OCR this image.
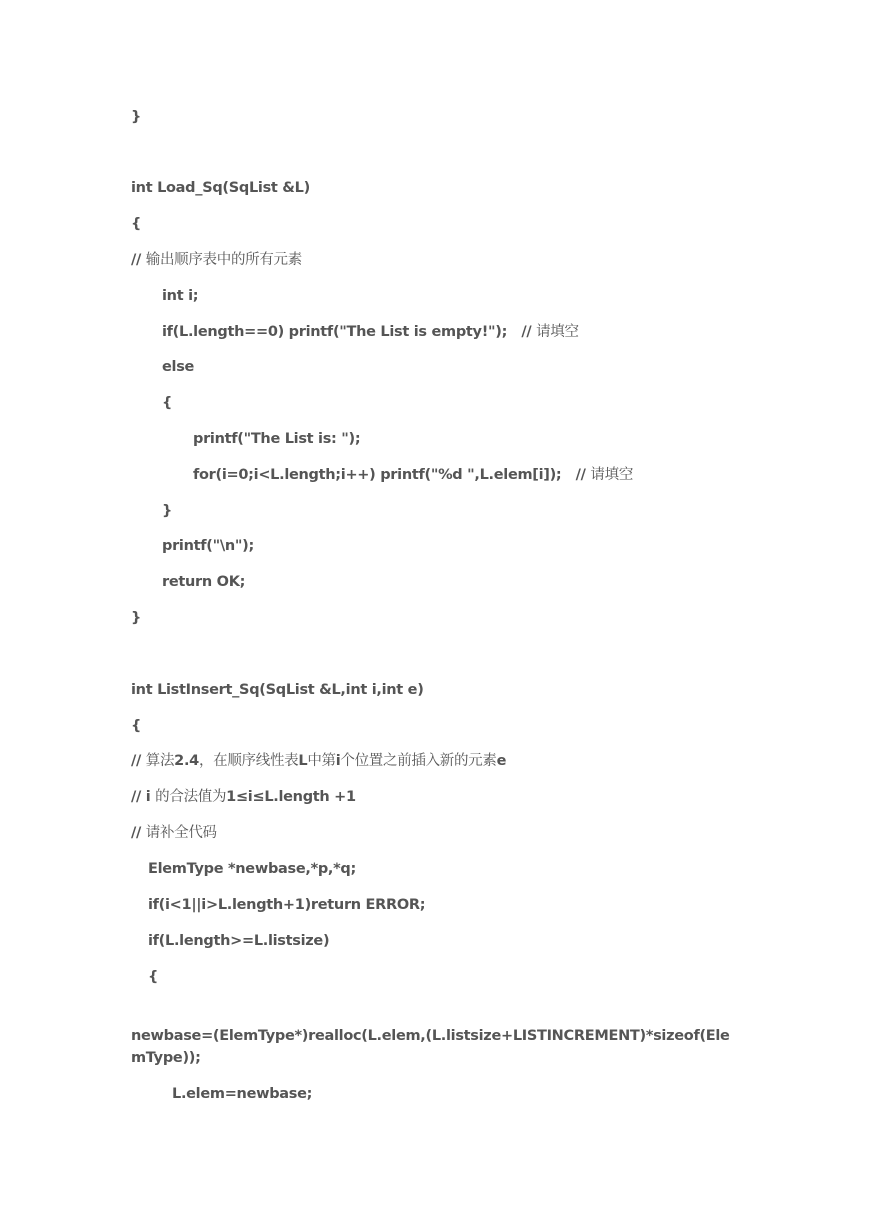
}
int Load_Sq(SqList &L)
{
// 输出顺序表中的所有元素
int i;
if(L.length==0) printf("The List is empty!");   // 请填空
else
{
printf("The List is: ");
for(i=0;i<L.length;i++) printf("%d ",L.elem[i]);   // 请填空
}
printf("\n");
return OK;
}
int ListInsert_Sq(SqList &L,int i,int e)
{
// 算法2.4，在顺序线性表L中第i个位置之前插入新的元素e
// i 的合法值为1≤i≤L.length +1
// 请补全代码
ElemType *newbase,*p,*q;
if(i<1||i>L.length+1)return ERROR;
if(L.length>=L.listsize)
{
newbase=(ElemType*)realloc(L.elem,(L.listsize+LISTINCREMENT)*sizeof(ElemType));
L.elem=newbase;
